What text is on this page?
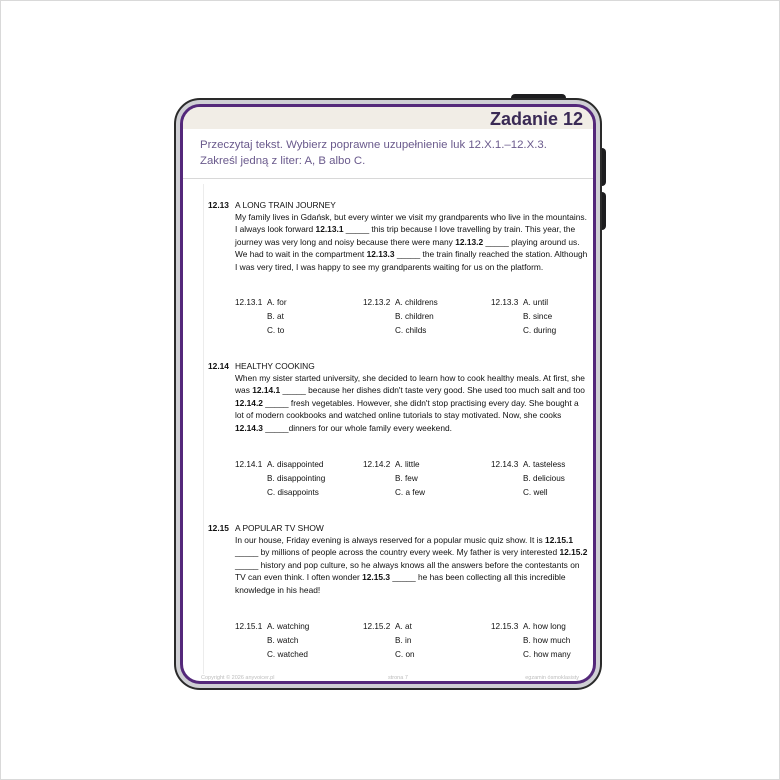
Zadanie 12
Przeczytaj tekst. Wybierz poprawne uzupełnienie luk 12.X.1.–12.X.3.
Zakreśl jedną z liter: A, B albo C.
12.13 A LONG TRAIN JOURNEY
My family lives in Gdańsk, but every winter we visit my grandparents who live in the mountains. I always look forward 12.13.1 _____ this trip because I love travelling by train. This year, the journey was very long and noisy because there were many 12.13.2 _____ playing around us. We had to wait in the compartment 12.13.3 _____ the train finally reached the station. Although I was very tired, I was happy to see my grandparents waiting for us on the platform.
12.13.1 A. for
B. at
C. to
12.13.2 A. childrens
B. children
C. childs
12.13.3 A. until
B. since
C. during
12.14 HEALTHY COOKING
When my sister started university, she decided to learn how to cook healthy meals. At first, she was 12.14.1 _____ because her dishes didn't taste very good. She used too much salt and too 12.14.2 _____ fresh vegetables. However, she didn't stop practising every day. She bought a lot of modern cookbooks and watched online tutorials to stay motivated. Now, she cooks 12.14.3 _____dinners for our whole family every weekend.
12.14.1 A. disappointed
B. disappointing
C. disappoints
12.14.2 A. little
B. few
C. a few
12.14.3 A. tasteless
B. delicious
C. well
12.15 A POPULAR TV SHOW
In our house, Friday evening is always reserved for a popular music quiz show. It is 12.15.1 _____ by millions of people across the country every week. My father is very interested 12.15.2 _____ history and pop culture, so he always knows all the answers before the contestants on TV can even think. I often wonder 12.15.3 _____ he has been collecting all this incredible knowledge in his head!
12.15.1 A. watching
B. watch
C. watched
12.15.2 A. at
B. in
C. on
12.15.3 A. how long
B. how much
C. how many
Copyright © 2026 anyvoicer.pl	strona 7	egzamin ósmoklasisty
